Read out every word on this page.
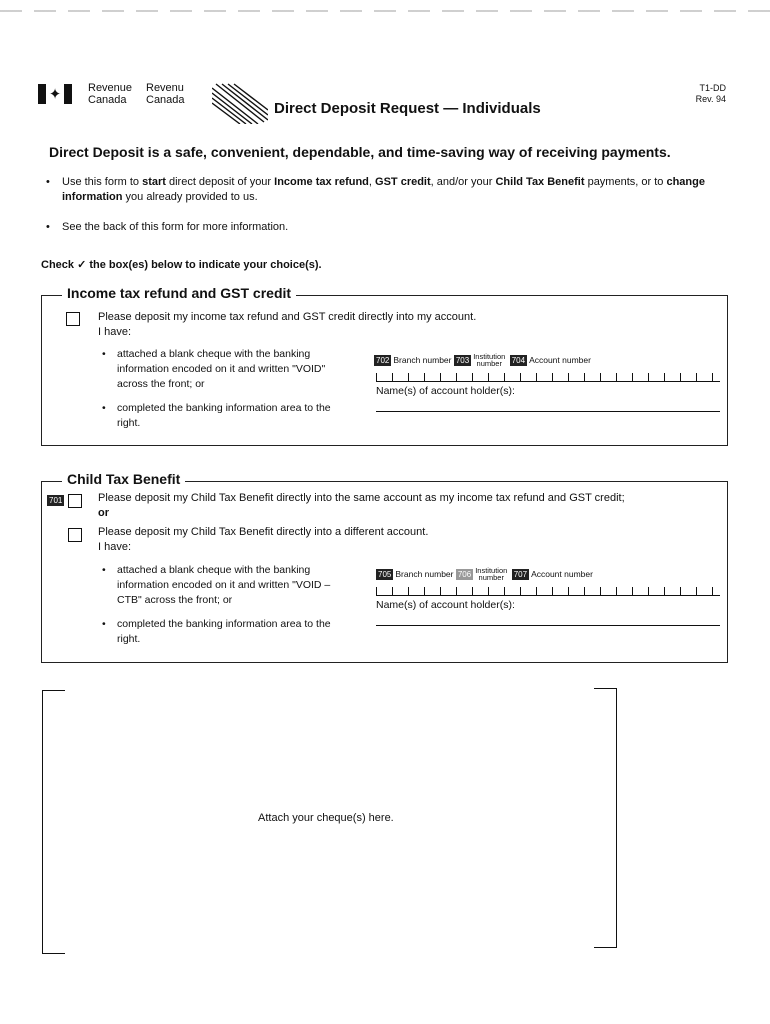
✦ Revenue
Canada
Revenu
Canada	Direct Deposit Request — Individuals
T1-DD
Rev. 94
Direct Deposit is a safe, convenient, dependable, and time-saving way of receiving payments.
• Use this form to start direct deposit of your Income tax refund, GST credit, and/or your Child Tax Benefit payments, or to change information you already provided to us.
• See the back of this form for more information.
Check ✓ the box(es) below to indicate your choice(s).
Income tax refund and GST credit
Please deposit my income tax refund and GST credit directly into my account.
I have:
• attached a blank cheque with the banking information encoded on it and written "VOID" across the front; or
• completed the banking information area to the right.
702 Branch number 703 Institution
number 704 Account number
Name(s) of account holder(s):
Child Tax Benefit
701	Please deposit my Child Tax Benefit directly into the same account as my income tax refund and GST credit;
or
Please deposit my Child Tax Benefit directly into a different account.
I have:
• attached a blank cheque with the banking information encoded on it and written "VOID – CTB" across the front; or
• completed the banking information area to the right.
705 Branch number 706 Institution
number 707 Account number
Name(s) of account holder(s):
Attach your cheque(s) here.
